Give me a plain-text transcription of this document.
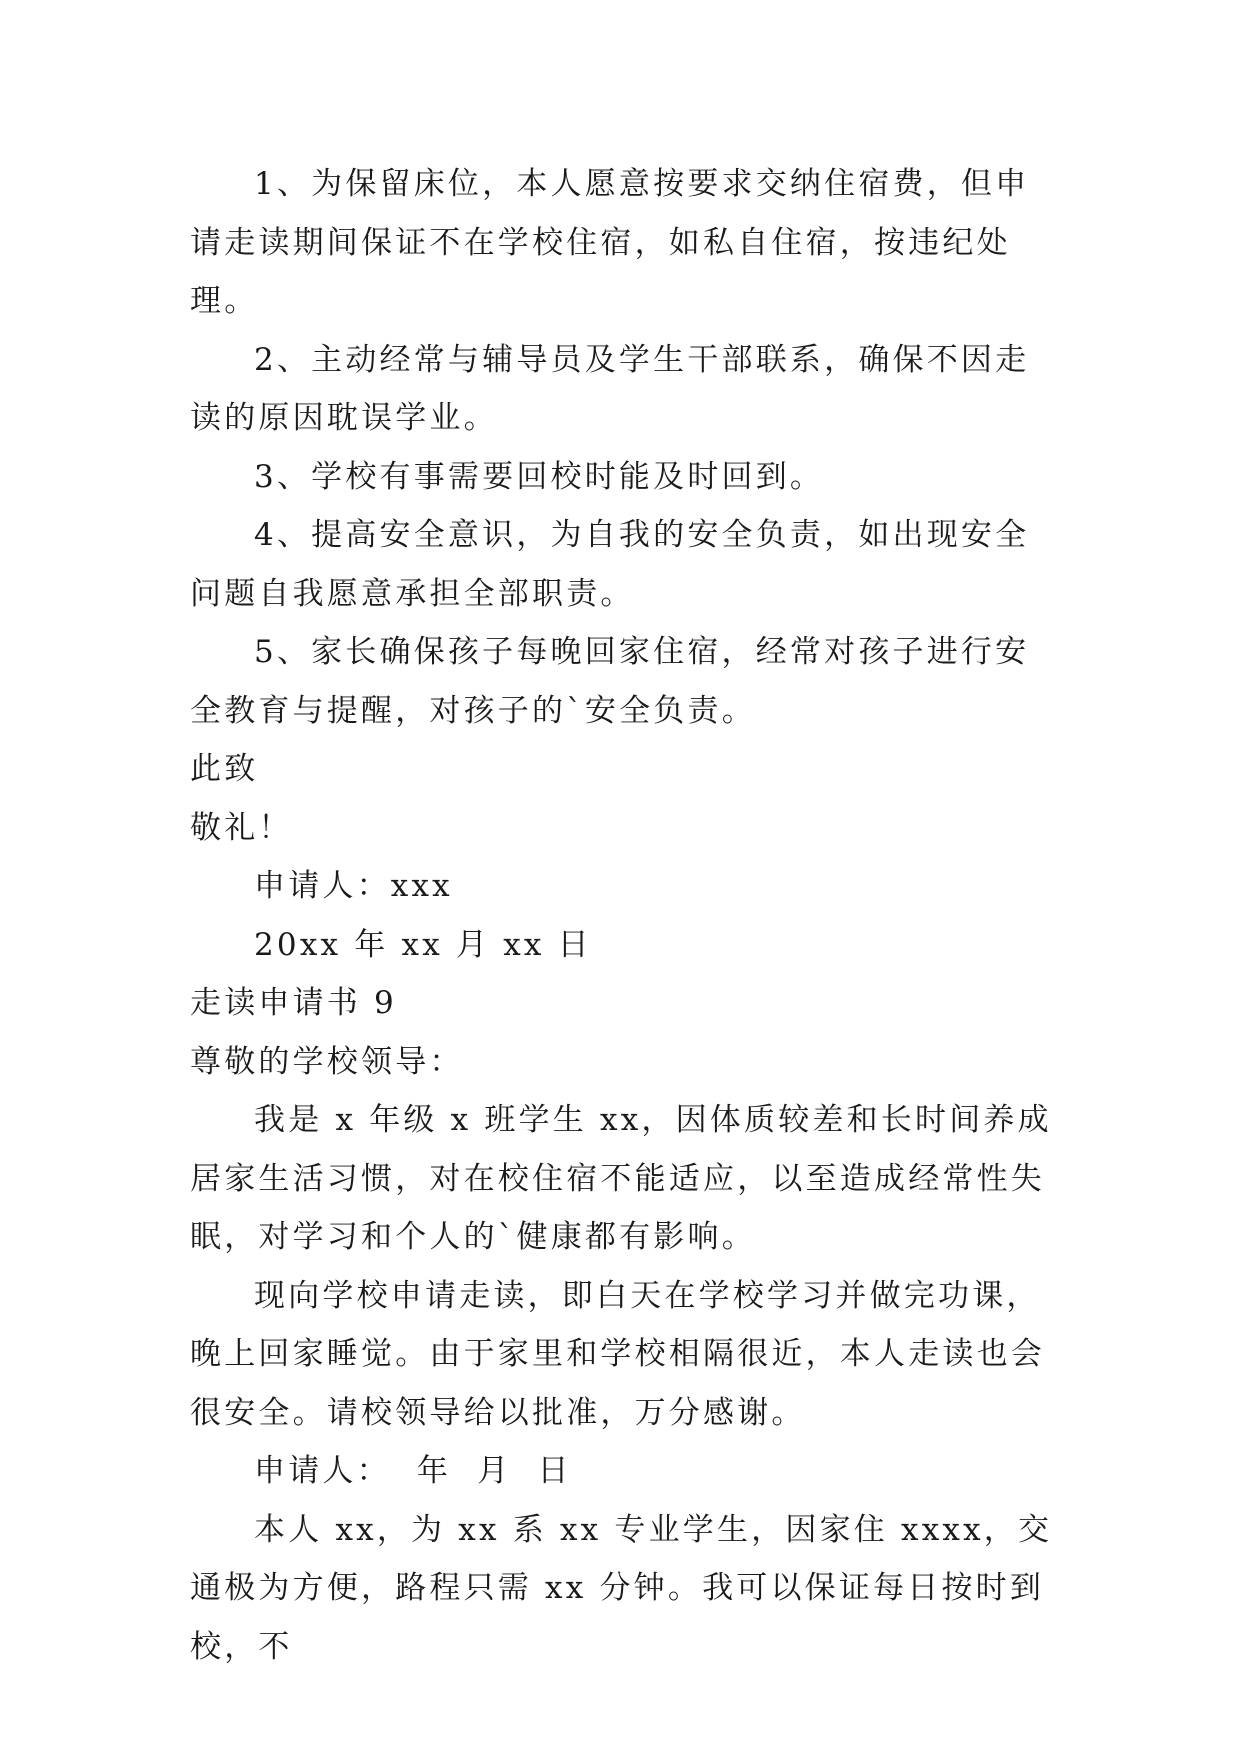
1、为保留床位，本人愿意按要求交纳住宿费，但申请走读期间保证不在学校住宿，如私自住宿，按违纪处理。

2、主动经常与辅导员及学生干部联系，确保不因走读的原因耽误学业。

3、学校有事需要回校时能及时回到。

4、提高安全意识，为自我的安全负责，如出现安全问题自我愿意承担全部职责。

5、家长确保孩子每晚回家住宿，经常对孩子进行安全教育与提醒，对孩子的`安全负责。

此致

敬礼！

申请人：xxx

20xx 年 xx 月 xx 日

走读申请书 9

尊敬的学校领导：

我是 x 年级 x 班学生 xx，因体质较差和长时间养成居家生活习惯，对在校住宿不能适应，以至造成经常性失眠，对学习和个人的`健康都有影响。

现向学校申请走读，即白天在学校学习并做完功课，晚上回家睡觉。由于家里和学校相隔很近，本人走读也会很安全。请校领导给以批准，万分感谢。

申请人：  年  月  日

本人 xx，为 xx 系 xx 专业学生，因家住 xxxx，交通极为方便，路程只需 xx 分钟。我可以保证每日按时到校，不
